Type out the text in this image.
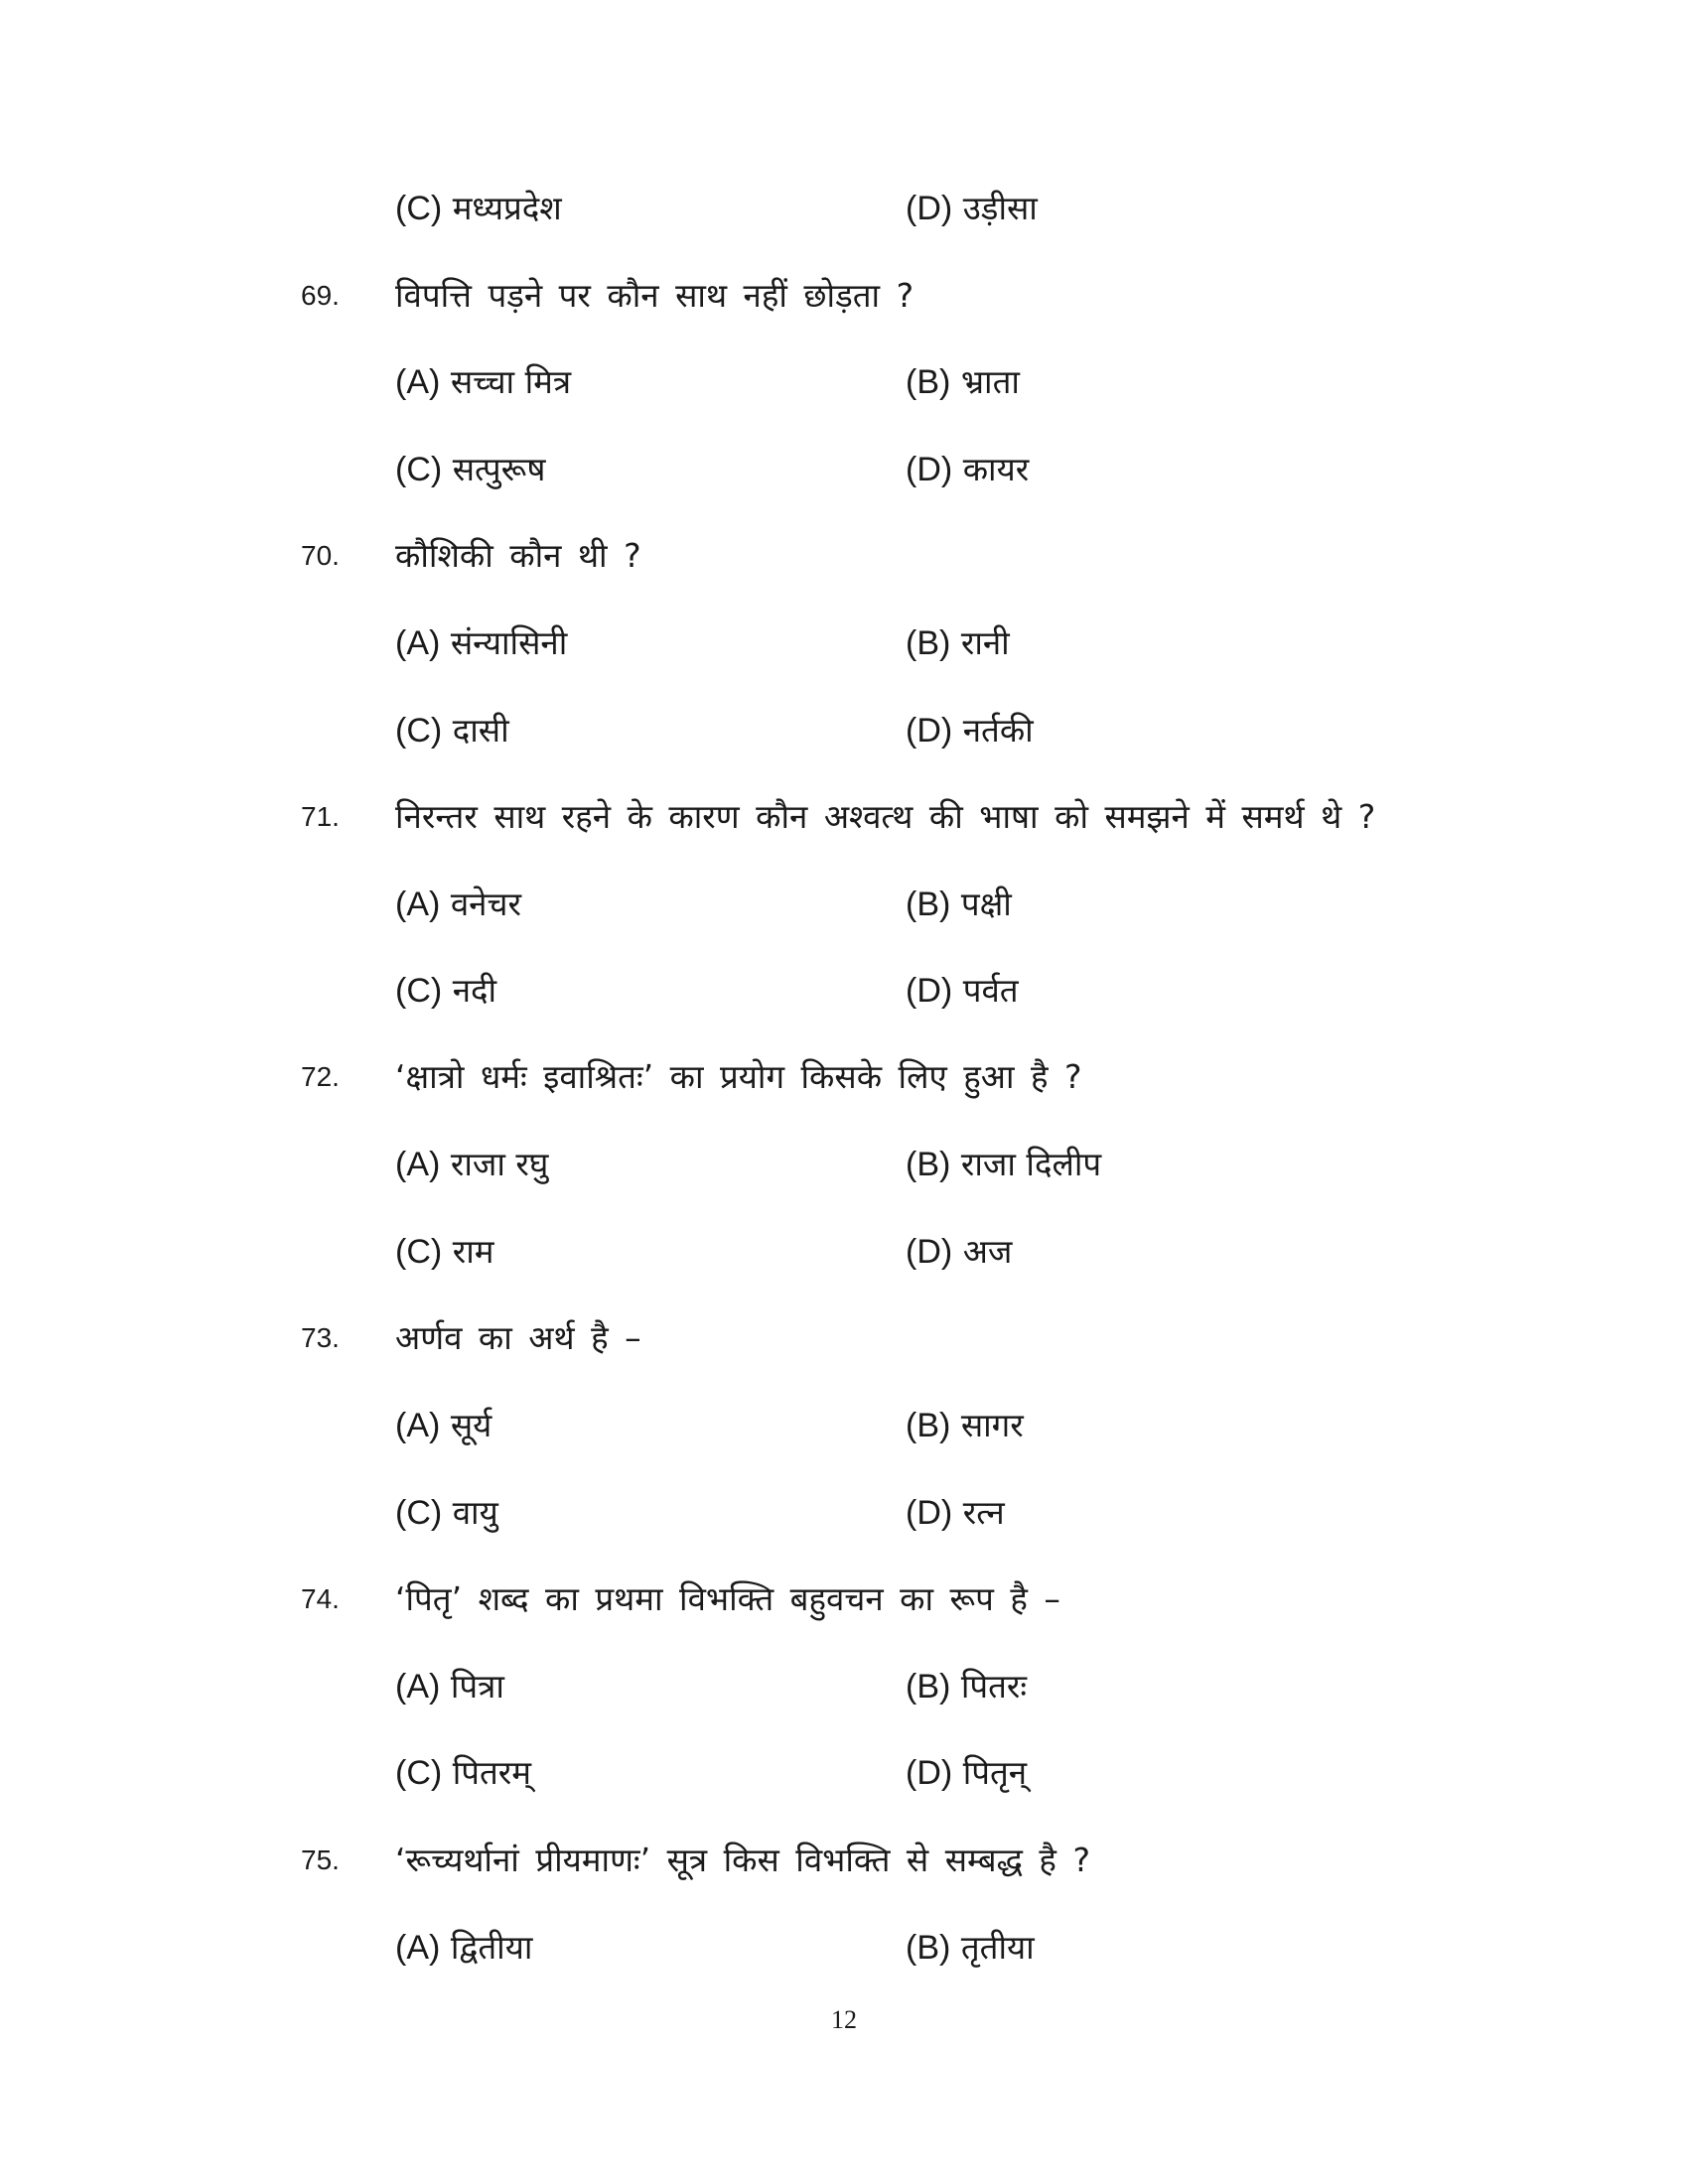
(C) मध्यप्रदेश	(D) उड़ीसा
69.	विपत्ति पड़ने पर कौन साथ नहीं छोड़ता ?
(A) सच्चा मित्र	(B) भ्राता
(C) सत्पुरूष	(D) कायर
70.	कौशिकी कौन थी ?
(A) संन्यासिनी	(B) रानी
(C) दासी	(D) नर्तकी
71.	निरन्तर साथ रहने के कारण कौन अश्वत्थ की भाषा को समझने में समर्थ थे ?
(A) वनेचर	(B) पक्षी
(C) नदी	(D) पर्वत
72.	‘क्षात्रो धर्मः इवाश्रितः’ का प्रयोग किसके लिए हुआ है ?
(A) राजा रघु	(B) राजा दिलीप
(C) राम	(D) अज
73.	अर्णव का अर्थ है –
(A) सूर्य	(B) सागर
(C) वायु	(D) रत्न
74.	‘पितृ’ शब्द का प्रथमा विभक्ति बहुवचन का रूप है –
(A) पित्रा	(B) पितरः
(C) पितरम्	(D) पितृन्
75.	‘रूच्यर्थानां प्रीयमाणः’ सूत्र किस विभक्ति से सम्बद्ध है ?
(A) द्वितीया	(B) तृतीया
12
